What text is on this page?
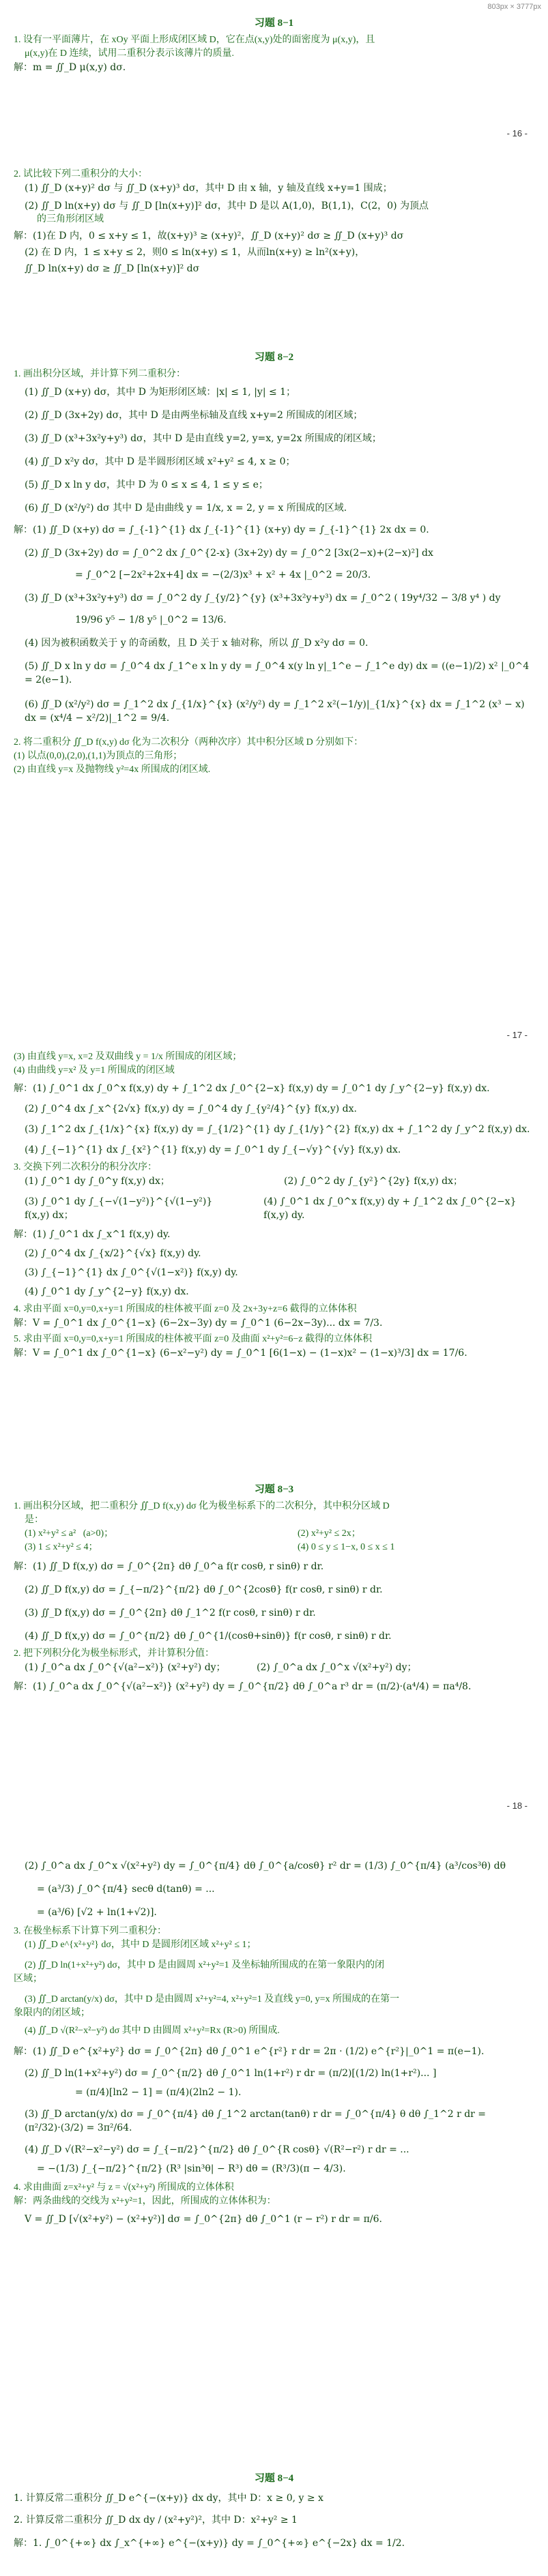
803px × 3777px
习题 8−1
1. 设有一平面薄片，在 xOy 平面上形成闭区域 D，它在点(x,y)处的面密度为 μ(x,y)，且
μ(x,y)在 D 连续，试用二重积分表示该薄片的质量.
解：m = ∬_D μ(x,y) dσ.
- 16 -
2. 试比较下列二重积分的大小：
(1) ∬_D (x+y)² dσ 与 ∬_D (x+y)³ dσ，其中 D 由 x 轴，y 轴及直线 x+y=1 围成；
(2) ∬_D ln(x+y) dσ 与 ∬_D [ln(x+y)]² dσ，其中 D 是以 A(1,0)，B(1,1)，C(2，0) 为顶点
的三角形闭区域
解：(1)在 D 内，0 ≤ x+y ≤ 1，故(x+y)³ ≥ (x+y)²，∬_D (x+y)² dσ ≥ ∬_D (x+y)³ dσ
(2) 在 D 内，1 ≤ x+y ≤ 2，则0 ≤ ln(x+y) ≤ 1，从而ln(x+y) ≥ ln²(x+y)，
∬_D ln(x+y) dσ ≥ ∬_D [ln(x+y)]² dσ
习题 8−2
1. 画出积分区域，并计算下列二重积分：
(1) ∬_D (x+y) dσ，其中 D 为矩形闭区域：|x| ≤ 1, |y| ≤ 1；
(2) ∬_D (3x+2y) dσ，其中 D 是由两坐标轴及直线 x+y=2 所围成的闭区域；
(3) ∬_D (x³+3x²y+y³) dσ，其中 D 是由直线 y=2, y=x, y=2x 所围成的闭区域；
(4) ∬_D x²y dσ，其中 D 是半圆形闭区域 x²+y² ≤ 4, x ≥ 0；
(5) ∬_D x ln y dσ，其中 D 为 0 ≤ x ≤ 4, 1 ≤ y ≤ e；
(6) ∬_D (x²/y²) dσ 其中 D 是由曲线 y = 1/x, x = 2, y = x 所围成的区域.
解：(1) ∬_D (x+y) dσ = ∫_{-1}^{1} dx ∫_{-1}^{1} (x+y) dy = ∫_{-1}^{1} 2x dx = 0.
(2) ∬_D (3x+2y) dσ = ∫_0^2 dx ∫_0^{2-x} (3x+2y) dy = ∫_0^2 [3x(2−x)+(2−x)²] dx
= ∫_0^2 [−2x²+2x+4] dx = −(2/3)x³ + x² + 4x |_0^2 = 20/3.
(3) ∬_D (x³+3x²y+y³) dσ = ∫_0^2 dy ∫_{y/2}^{y} (x³+3x²y+y³) dx = ∫_0^2 ( 19y⁴/32 − 3/8 y⁴ ) dy
19/96 y⁵ − 1/8 y⁵ |_0^2 = 13/6.
(4) 因为被积函数关于 y 的奇函数，且 D 关于 x 轴对称，所以 ∬_D x²y dσ = 0.
(5) ∬_D x ln y dσ = ∫_0^4 dx ∫_1^e x ln y dy = ∫_0^4 x(y ln y|_1^e − ∫_1^e dy) dx = ((e−1)/2) x² |_0^4 = 2(e−1).
(6) ∬_D (x²/y²) dσ = ∫_1^2 dx ∫_{1/x}^{x} (x²/y²) dy = ∫_1^2 x²(−1/y)|_{1/x}^{x} dx = ∫_1^2 (x³ − x) dx = (x⁴/4 − x²/2)|_1^2 = 9/4.
2. 将二重积分 ∬_D f(x,y) dσ 化为二次积分（两种次序）其中积分区域 D 分别如下：
(1) 以点(0,0),(2,0),(1,1)为顶点的三角形；
(2) 由直线 y=x 及抛物线 y²=4x 所围成的闭区域.
- 17 -
(3) 由直线 y=x, x=2 及双曲线 y = 1/x 所围成的闭区域；
(4) 由曲线 y=x² 及 y=1 所围成的闭区域
解：(1) ∫_0^1 dx ∫_0^x f(x,y) dy + ∫_1^2 dx ∫_0^{2−x} f(x,y) dy = ∫_0^1 dy ∫_y^{2−y} f(x,y) dx.
(2) ∫_0^4 dx ∫_x^{2√x} f(x,y) dy = ∫_0^4 dy ∫_{y²/4}^{y} f(x,y) dx.
(3) ∫_1^2 dx ∫_{1/x}^{x} f(x,y) dy = ∫_{1/2}^{1} dy ∫_{1/y}^{2} f(x,y) dx + ∫_1^2 dy ∫_y^2 f(x,y) dx.
(4) ∫_{−1}^{1} dx ∫_{x²}^{1} f(x,y) dy = ∫_0^1 dy ∫_{−√y}^{√y} f(x,y) dx.
3. 交换下列二次积分的积分次序：
(1) ∫_0^1 dy ∫_0^y f(x,y) dx；	(2) ∫_0^2 dy ∫_{y²}^{2y} f(x,y) dx；
(3) ∫_0^1 dy ∫_{−√(1−y²)}^{√(1−y²)} f(x,y) dx；
(4) ∫_0^1 dx ∫_0^x f(x,y) dy + ∫_1^2 dx ∫_0^{2−x} f(x,y) dy.
解：(1) ∫_0^1 dx ∫_x^1 f(x,y) dy.
(2) ∫_0^4 dx ∫_{x/2}^{√x} f(x,y) dy.
(3) ∫_{−1}^{1} dx ∫_0^{√(1−x²)} f(x,y) dy.
(4) ∫_0^1 dy ∫_y^{2−y} f(x,y) dx.
4. 求由平面 x=0,y=0,x+y=1 所围成的柱体被平面 z=0 及 2x+3y+z=6 截得的立体体积
解：V = ∫_0^1 dx ∫_0^{1−x} (6−2x−3y) dy = ∫_0^1 (6−2x−3y)... dx = 7/3.
5. 求由平面 x=0,y=0,x+y=1 所围成的柱体被平面 z=0 及曲面 x²+y²=6−z 截得的立体体积
解：V = ∫_0^1 dx ∫_0^{1−x} (6−x²−y²) dy = ∫_0^1 [6(1−x) − (1−x)x² − (1−x)³/3] dx = 17/6.
习题 8−3
1. 画出积分区域，把二重积分 ∬_D f(x,y) dσ 化为极坐标系下的二次积分，其中积分区域 D
是：
(1) x²+y² ≤ a²   (a>0)；	(2) x²+y² ≤ 2x；
(3) 1 ≤ x²+y² ≤ 4；	(4) 0 ≤ y ≤ 1−x, 0 ≤ x ≤ 1
解：(1) ∬_D f(x,y) dσ = ∫_0^{2π} dθ ∫_0^a f(r cosθ, r sinθ) r dr.
(2) ∬_D f(x,y) dσ = ∫_{−π/2}^{π/2} dθ ∫_0^{2cosθ} f(r cosθ, r sinθ) r dr.
(3) ∬_D f(x,y) dσ = ∫_0^{2π} dθ ∫_1^2 f(r cosθ, r sinθ) r dr.
(4) ∬_D f(x,y) dσ = ∫_0^{π/2} dθ ∫_0^{1/(cosθ+sinθ)} f(r cosθ, r sinθ) r dr.
2. 把下列积分化为极坐标形式，并计算积分值：
(1) ∫_0^a dx ∫_0^{√(a²−x²)} (x²+y²) dy；	(2) ∫_0^a dx ∫_0^x √(x²+y²) dy；
解：(1) ∫_0^a dx ∫_0^{√(a²−x²)} (x²+y²) dy = ∫_0^{π/2} dθ ∫_0^a r³ dr = (π/2)·(a⁴/4) = πa⁴/8.
- 18 -
(2) ∫_0^a dx ∫_0^x √(x²+y²) dy = ∫_0^{π/4} dθ ∫_0^{a/cosθ} r² dr = (1/3) ∫_0^{π/4} (a³/cos³θ) dθ
= (a³/3) ∫_0^{π/4} secθ d(tanθ) = ...
= (a³/6) [√2 + ln(1+√2)].
3. 在极坐标系下计算下列二重积分：
(1) ∬_D e^{x²+y²} dσ，其中 D 是圆形闭区域 x²+y² ≤ 1；
(2) ∬_D ln(1+x²+y²) dσ，其中 D 是由圆周 x²+y²=1 及坐标轴所围成的在第一象限内的闭
区域；
(3) ∬_D arctan(y/x) dσ，其中 D 是由圆周 x²+y²=4, x²+y²=1 及直线 y=0, y=x 所围成的在第一
象限内的闭区域；
(4) ∬_D √(R²−x²−y²) dσ 其中 D 由圆周 x²+y²=Rx (R>0) 所围成.
解：(1) ∬_D e^{x²+y²} dσ = ∫_0^{2π} dθ ∫_0^1 e^{r²} r dr = 2π · (1/2) e^{r²}|_0^1 = π(e−1).
(2) ∬_D ln(1+x²+y²) dσ = ∫_0^{π/2} dθ ∫_0^1 ln(1+r²) r dr = (π/2)[(1/2) ln(1+r²)... ]
= (π/4)[ln2 − 1] = (π/4)(2ln2 − 1).
(3) ∬_D arctan(y/x) dσ = ∫_0^{π/4} dθ ∫_1^2 arctan(tanθ) r dr = ∫_0^{π/4} θ dθ ∫_1^2 r dr = (π²/32)·(3/2) = 3π²/64.
(4) ∬_D √(R²−x²−y²) dσ = ∫_{−π/2}^{π/2} dθ ∫_0^{R cosθ} √(R²−r²) r dr = ...
= −(1/3) ∫_{−π/2}^{π/2} (R³ |sin³θ| − R³) dθ = (R³/3)(π − 4/3).
4. 求由曲面 z=x²+y² 与 z = √(x²+y²) 所围成的立体体积
解：两条曲线的交线为 x²+y²=1，因此，所围成的立体体积为：
V = ∬_D [√(x²+y²) − (x²+y²)] dσ = ∫_0^{2π} dθ ∫_0^1 (r − r²) r dr = π/6.
习题 8−4
1. 计算反常二重积分 ∬_D e^{−(x+y)} dx dy，其中 D：x ≥ 0, y ≥ x
2. 计算反常二重积分 ∬_D dx dy / (x²+y²)²，其中 D：x²+y² ≥ 1
解：1. ∫_0^{+∞} dx ∫_x^{+∞} e^{−(x+y)} dy = ∫_0^{+∞} e^{−2x} dx = 1/2.
